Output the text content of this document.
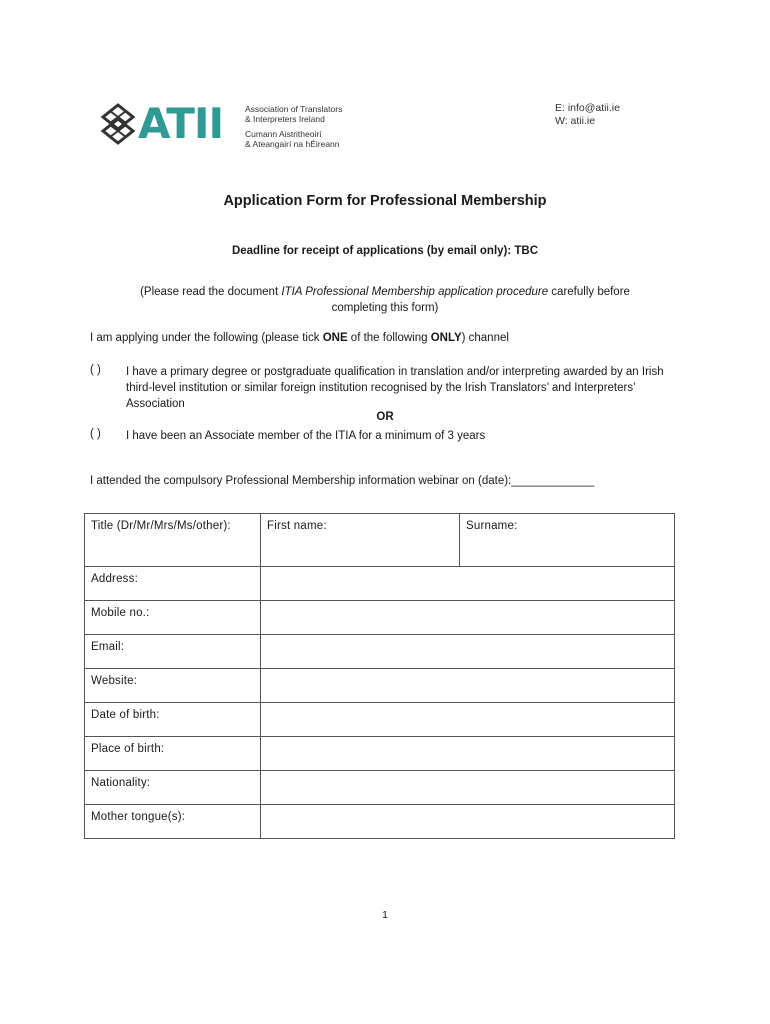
ATII	Association of Translators
& Interpreters Ireland
Cumann Aistritheoirí
& Ateangairí na hÉireann
E: info@atii.ie
W: atii.ie
Application Form for Professional Membership
Deadline for receipt of applications (by email only): TBC
(Please read the document ITIA Professional Membership application procedure carefully before completing this form)
I am applying under the following (please tick ONE of the following ONLY) channel
( ) I have a primary degree or postgraduate qualification in translation and/or interpreting awarded by an Irish third-level institution or similar foreign institution recognised by the Irish Translators’ and Interpreters’ Association
OR
( ) I have been an Associate member of the ITIA for a minimum of 3 years
I attended the compulsory Professional Membership information webinar on (date):_____________
Title (Dr/Mr/Mrs/Ms/other):	First name:	Surname:
Address:		
Mobile no.:		
Email:		
Website:		
Date of birth:		
Place of birth:		
Nationality:		
Mother tongue(s):		
1
